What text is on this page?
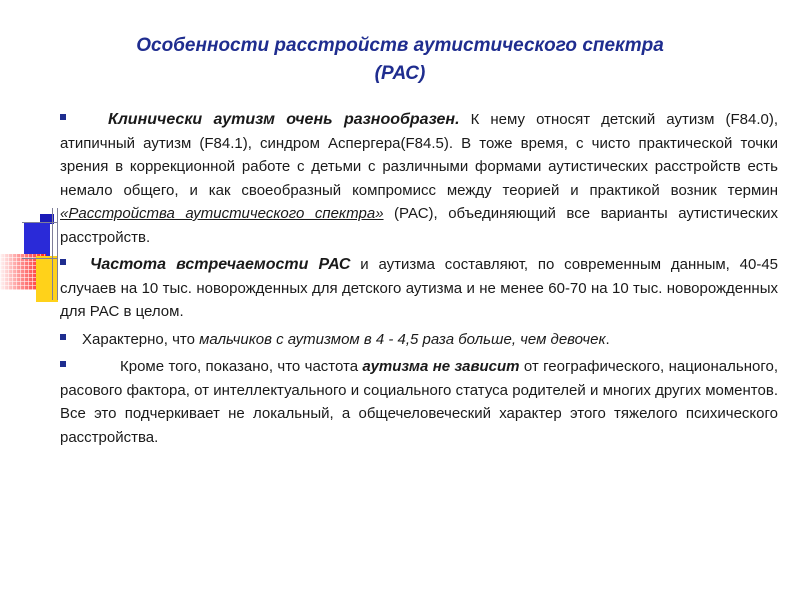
Особенности расстройств аутистического спектра
(РАС)
Клинически аутизм очень разнообразен. К нему относят детский аутизм (F84.0), атипичный аутизм (F84.1), синдром Аспергера(F84.5). В тоже время, с чисто практической точки зрения в коррекционной работе с детьми с различными формами аутистических расстройств есть немало общего, и как своеобразный компромисс между теорией и практикой возник термин «Расстройства аутистического спектра» (РАС), объединяющий все варианты аутистических расстройств.
Частота встречаемости РАС и аутизма составляют, по современным данным, 40-45 случаев на 10 тыс. новорожденных для детского аутизма и не менее 60-70 на 10 тыс. новорожденных для РАС в целом.
Характерно, что мальчиков с аутизмом в 4 - 4,5 раза больше, чем девочек.
Кроме того, показано, что частота аутизма не зависит от географического, национального, расового фактора, от интеллектуального и социального статуса родителей и многих других моментов. Все это подчеркивает не локальный, а общечеловеческий характер этого тяжелого психического расстройства.
